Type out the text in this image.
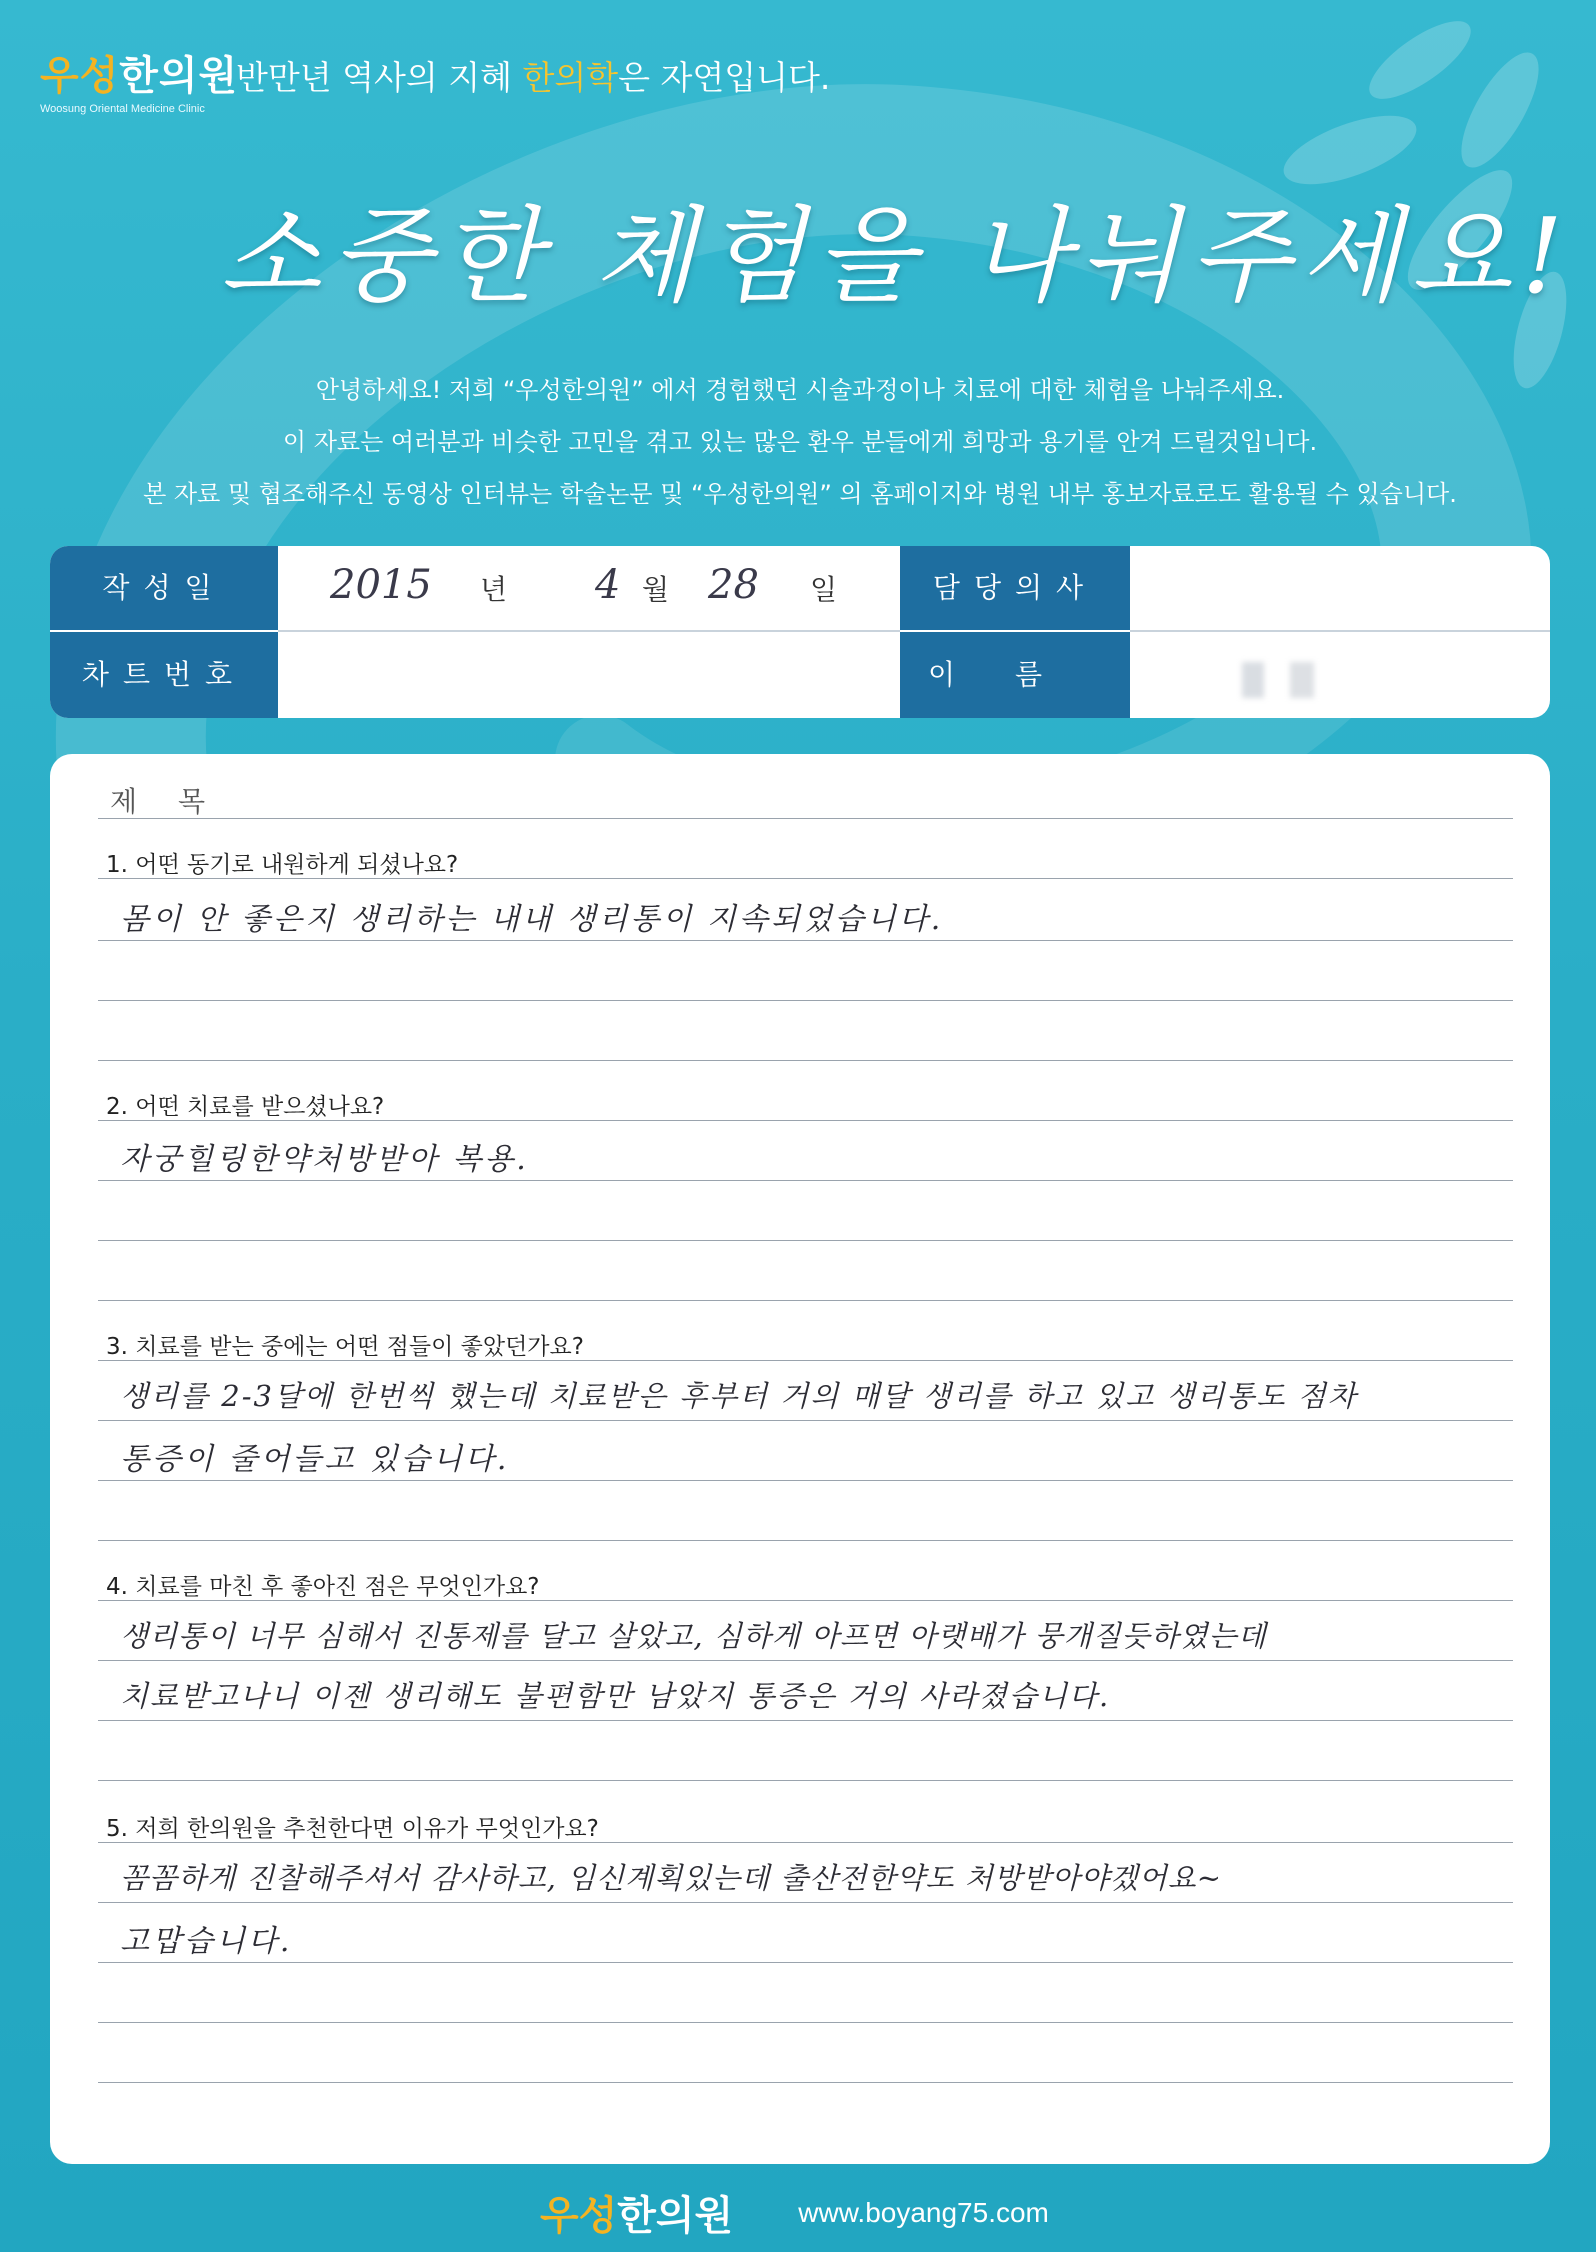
우성한의원
Woosung Oriental Medicine Clinic
반만년 역사의 지혜 한의학은 자연입니다.
소중한 체험을 나눠주세요!
안녕하세요! 저희 “우성한의원” 에서 경험했던 시술과정이나 치료에 대한 체험을 나눠주세요.
이 자료는 여러분과 비슷한 고민을 겪고 있는 많은 환우 분들에게 희망과 용기를 안겨 드릴것입니다.
본 자료 및 협조해주신 동영상 인터뷰는 학술논문 및 “우성한의원” 의 홈페이지와 병원 내부 홍보자료로도 활용될 수 있습니다.
작성일
차트번호
담당의사
이름
2015 년 4 월 28 일
제 목
1. 어떤 동기로 내원하게 되셨나요?
몸이 안 좋은지 생리하는 내내 생리통이 지속되었습니다.
2. 어떤 치료를 받으셨나요?
자궁힐링한약처방받아 복용.
3. 치료를 받는 중에는 어떤 점들이 좋았던가요?
생리를 2-3달에 한번씩 했는데 치료받은 후부터 거의 매달 생리를 하고 있고 생리통도 점차
통증이 줄어들고 있습니다.
4. 치료를 마친 후 좋아진 점은 무엇인가요?
생리통이 너무 심해서 진통제를 달고 살았고, 심하게 아프면 아랫배가 뭉개질듯하였는데
치료받고나니 이젠 생리해도 불편함만 남았지 통증은 거의 사라졌습니다.
5. 저희 한의원을 추천한다면 이유가 무엇인가요?
꼼꼼하게 진찰해주셔서 감사하고, 임신계획있는데 출산전한약도 처방받아야겠어요~
고맙습니다.
우성한의원 www.boyang75.com
